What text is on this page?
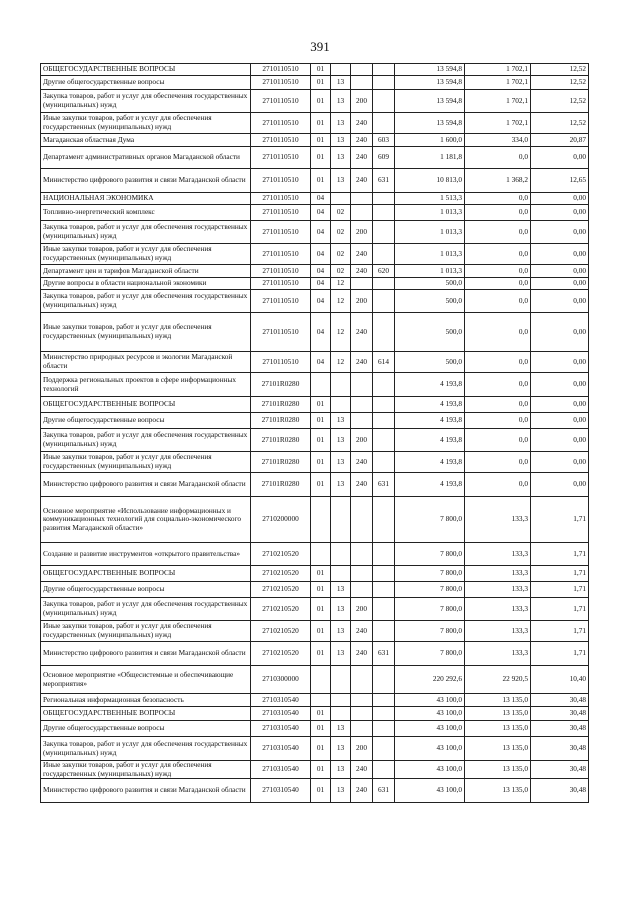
391
ОБЩЕГОСУДАРСТВЕННЫЕ ВОПРОСЫ	2710110510	01				13 594,8	1 702,1	12,52
Другие общегосударственные вопросы	2710110510	01	13			13 594,8	1 702,1	12,52
Закупка товаров, работ и услуг для обеспечения государственных (муниципальных) нужд	2710110510	01	13	200		13 594,8	1 702,1	12,52
Иные закупки товаров, работ и услуг для обеспечения государственных (муниципальных) нужд	2710110510	01	13	240		13 594,8	1 702,1	12,52
Магаданская областная Дума	2710110510	01	13	240	603	1 600,0	334,0	20,87
Департамент административных органов Магаданской области	2710110510	01	13	240	609	1 181,8	0,0	0,00
Министерство цифрового развития и связи Магаданской области	2710110510	01	13	240	631	10 813,0	1 368,2	12,65
НАЦИОНАЛЬНАЯ ЭКОНОМИКА	2710110510	04				1 513,3	0,0	0,00
Топливно-энергетический комплекс	2710110510	04	02			1 013,3	0,0	0,00
Закупка товаров, работ и услуг для обеспечения государственных (муниципальных) нужд	2710110510	04	02	200		1 013,3	0,0	0,00
Иные закупки товаров, работ и услуг для обеспечения государственных (муниципальных) нужд	2710110510	04	02	240		1 013,3	0,0	0,00
Департамент цен и тарифов Магаданской области	2710110510	04	02	240	620	1 013,3	0,0	0,00
Другие вопросы в области национальной экономики	2710110510	04	12			500,0	0,0	0,00
Закупка товаров, работ и услуг для обеспечения государственных (муниципальных) нужд	2710110510	04	12	200		500,0	0,0	0,00
Иные закупки товаров, работ и услуг для обеспечения государственных (муниципальных) нужд	2710110510	04	12	240		500,0	0,0	0,00
Министерство природных ресурсов и экологии Магаданской области	2710110510	04	12	240	614	500,0	0,0	0,00
Поддержка региональных проектов в сфере информационных технологий	27101R0280					4 193,8	0,0	0,00
ОБЩЕГОСУДАРСТВЕННЫЕ ВОПРОСЫ	27101R0280	01				4 193,8	0,0	0,00
Другие общегосударственные вопросы	27101R0280	01	13			4 193,8	0,0	0,00
Закупка товаров, работ и услуг для обеспечения государственных (муниципальных) нужд	27101R0280	01	13	200		4 193,8	0,0	0,00
Иные закупки товаров, работ и услуг для обеспечения государственных (муниципальных) нужд	27101R0280	01	13	240		4 193,8	0,0	0,00
Министерство цифрового развития и связи Магаданской области	27101R0280	01	13	240	631	4 193,8	0,0	0,00
Основное мероприятие «Использование информационных и коммуникационных технологий для социально-экономического развития Магаданской области»	2710200000					7 800,0	133,3	1,71
Создание и развитие инструментов «открытого правительства»	2710210520					7 800,0	133,3	1,71
ОБЩЕГОСУДАРСТВЕННЫЕ ВОПРОСЫ	2710210520	01				7 800,0	133,3	1,71
Другие общегосударственные вопросы	2710210520	01	13			7 800,0	133,3	1,71
Закупка товаров, работ и услуг для обеспечения государственных (муниципальных) нужд	2710210520	01	13	200		7 800,0	133,3	1,71
Иные закупки товаров, работ и услуг для обеспечения государственных (муниципальных) нужд	2710210520	01	13	240		7 800,0	133,3	1,71
Министерство цифрового развития и связи Магаданской области	2710210520	01	13	240	631	7 800,0	133,3	1,71
Основное мероприятие «Общесистемные и обеспечивающие мероприятия»	2710300000					220 292,6	22 920,5	10,40
Региональная информационная безопасность	2710310540					43 100,0	13 135,0	30,48
ОБЩЕГОСУДАРСТВЕННЫЕ ВОПРОСЫ	2710310540	01				43 100,0	13 135,0	30,48
Другие общегосударственные вопросы	2710310540	01	13			43 100,0	13 135,0	30,48
Закупка товаров, работ и услуг для обеспечения государственных (муниципальных) нужд	2710310540	01	13	200		43 100,0	13 135,0	30,48
Иные закупки товаров, работ и услуг для обеспечения государственных (муниципальных) нужд	2710310540	01	13	240		43 100,0	13 135,0	30,48
Министерство цифрового развития и связи Магаданской области	2710310540	01	13	240	631	43 100,0	13 135,0	30,48
